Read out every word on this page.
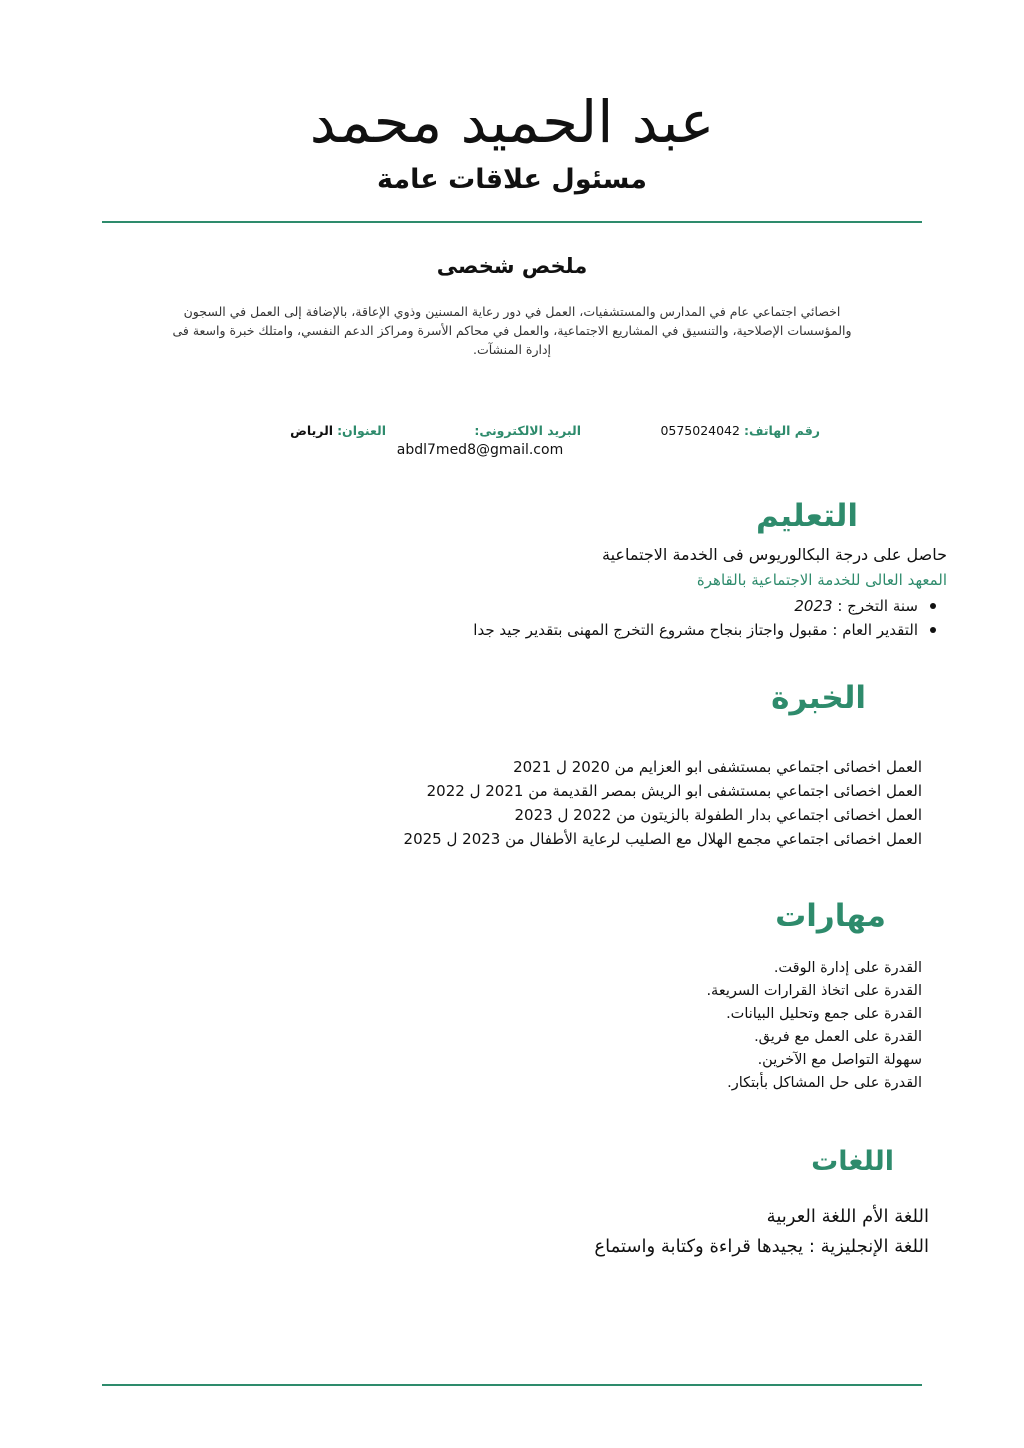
عبد الحميد محمد
مسئول علاقات عامة
ملخص شخصى
اخصائي اجتماعي عام في المدارس والمستشفيات، العمل في دور رعاية المسنين وذوي الإعاقة، بالإضافة إلى العمل في السجون والمؤسسات الإصلاحية، والتنسيق في المشاريع الاجتماعية، والعمل في محاكم الأسرة ومراكز الدعم النفسي، وامتلك خبرة واسعة فى إدارة المنشآت.
رقم الهاتف: 0575024042
البريد الالكترونى:
abdl7med8@gmail.com
العنوان: الرياض
التعليم
حاصل على درجة البكالوريوس فى الخدمة الاجتماعية
المعهد العالى للخدمة الاجتماعية بالقاهرة
سنة التخرج : 2023
التقدير العام : مقبول واجتاز بنجاح مشروع التخرج المهنى بتقدير جيد جدا
الخبرة
العمل اخصائى اجتماعي بمستشفى ابو العزايم من 2020 ل 2021
العمل اخصائى اجتماعي بمستشفى ابو الريش بمصر القديمة من 2021 ل 2022
العمل اخصائى اجتماعي بدار الطفولة بالزيتون من 2022 ل 2023
العمل اخصائى اجتماعي مجمع الهلال مع الصليب لرعاية الأطفال من 2023 ل 2025
مهارات
القدرة على إدارة الوقت.
القدرة على اتخاذ القرارات السريعة.
القدرة على جمع وتحليل البيانات.
القدرة على العمل مع فريق.
سهولة التواصل مع الآخرين.
القدرة على حل المشاكل بأبتكار.
اللغات
اللغة الأم اللغة العربية
اللغة الإنجليزية : يجيدها قراءة وكتابة واستماع
